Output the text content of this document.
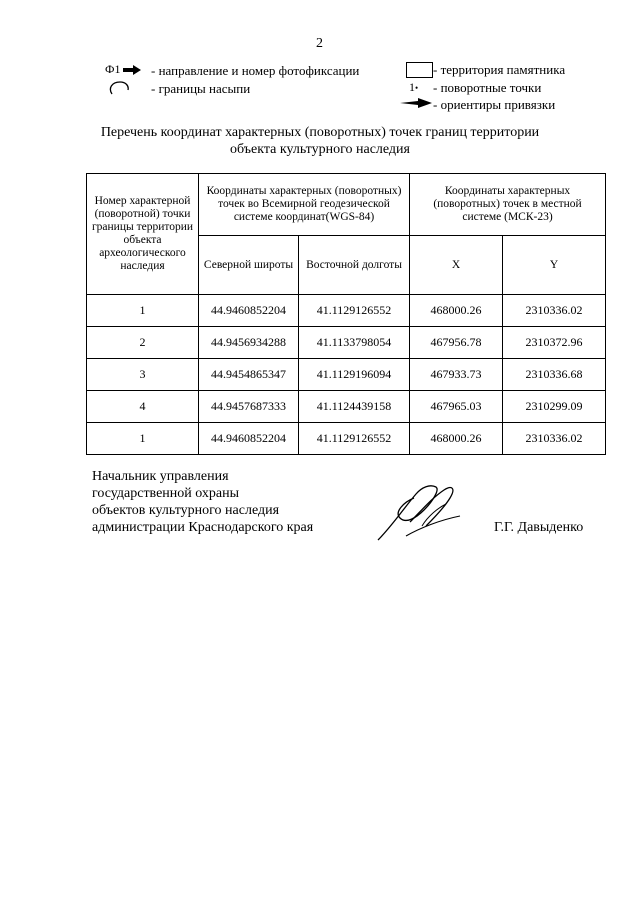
2
Ф1	- направление и номер фотофиксации
- границы насыпи
- территория памятника
1• - поворотные точки
- ориентиры привязки
Перечень координат характерных (поворотных) точек границ территории
объекта культурного наследия
Номер характерной (поворотной) точки границы территории объекта археологического наследия	Координаты характерных (поворотных) точек во Всемирной геодезической системе координат(WGS-84)		Координаты характерных (поворотных) точек в местной системе (МСК-23)	
	Северной широты	Восточной долготы	X	Y
1	44.9460852204	41.1129126552	468000.26	2310336.02
2	44.9456934288	41.1133798054	467956.78	2310372.96
3	44.9454865347	41.1129196094	467933.73	2310336.68
4	44.9457687333	41.1124439158	467965.03	2310299.09
1	44.9460852204	41.1129126552	468000.26	2310336.02
Начальник управления
государственной охраны
объектов культурного наследия
администрации Краснодарского края	Г.Г. Давыденко
